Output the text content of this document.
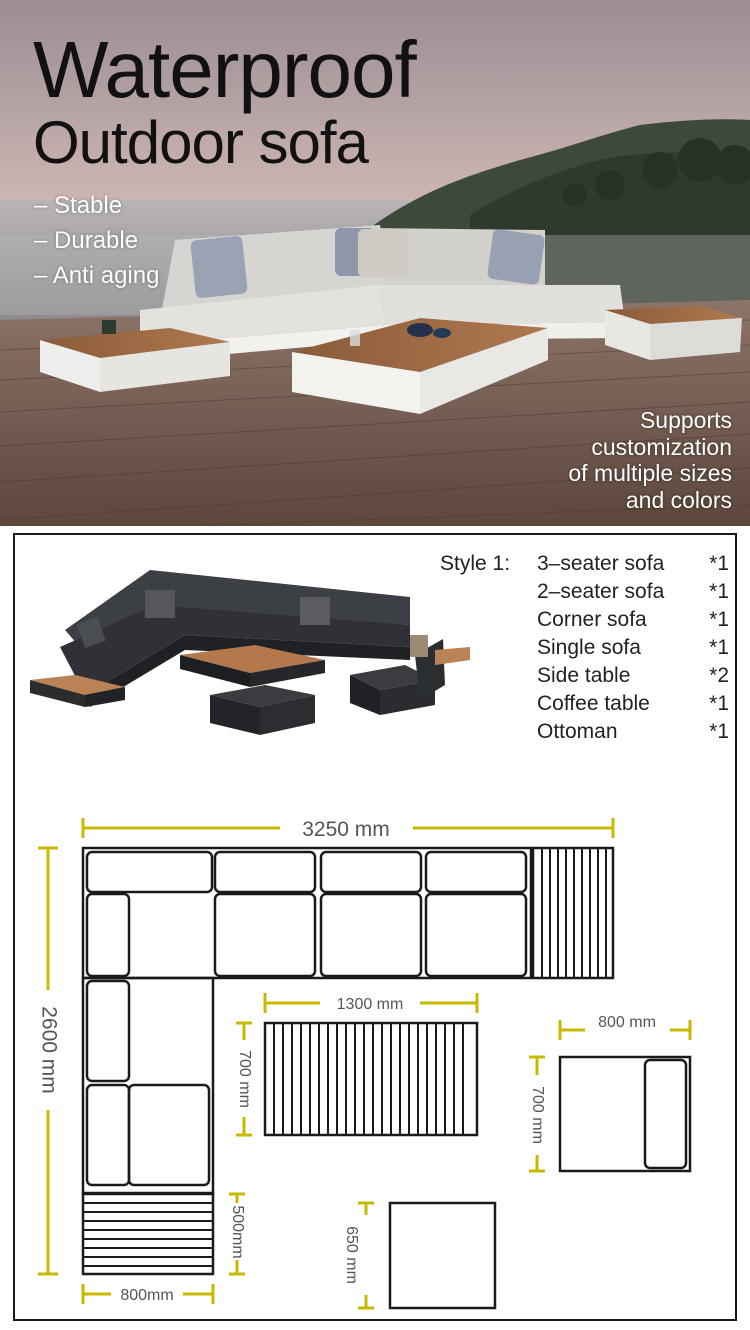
Waterproof
Outdoor sofa
– Stable
– Durable
– Anti aging
Supports
customization
of multiple sizes
and colors
3250 mm
2600 mm
1300 mm
700 mm
800 mm
700 mm
500mm
800mm
650 mm
Style 1:	3–seater sofa	*1
2–seater sofa	*1
Corner sofa	*1
Single sofa	*1
Side table	*2
Coffee table	*1
Ottoman	*1
